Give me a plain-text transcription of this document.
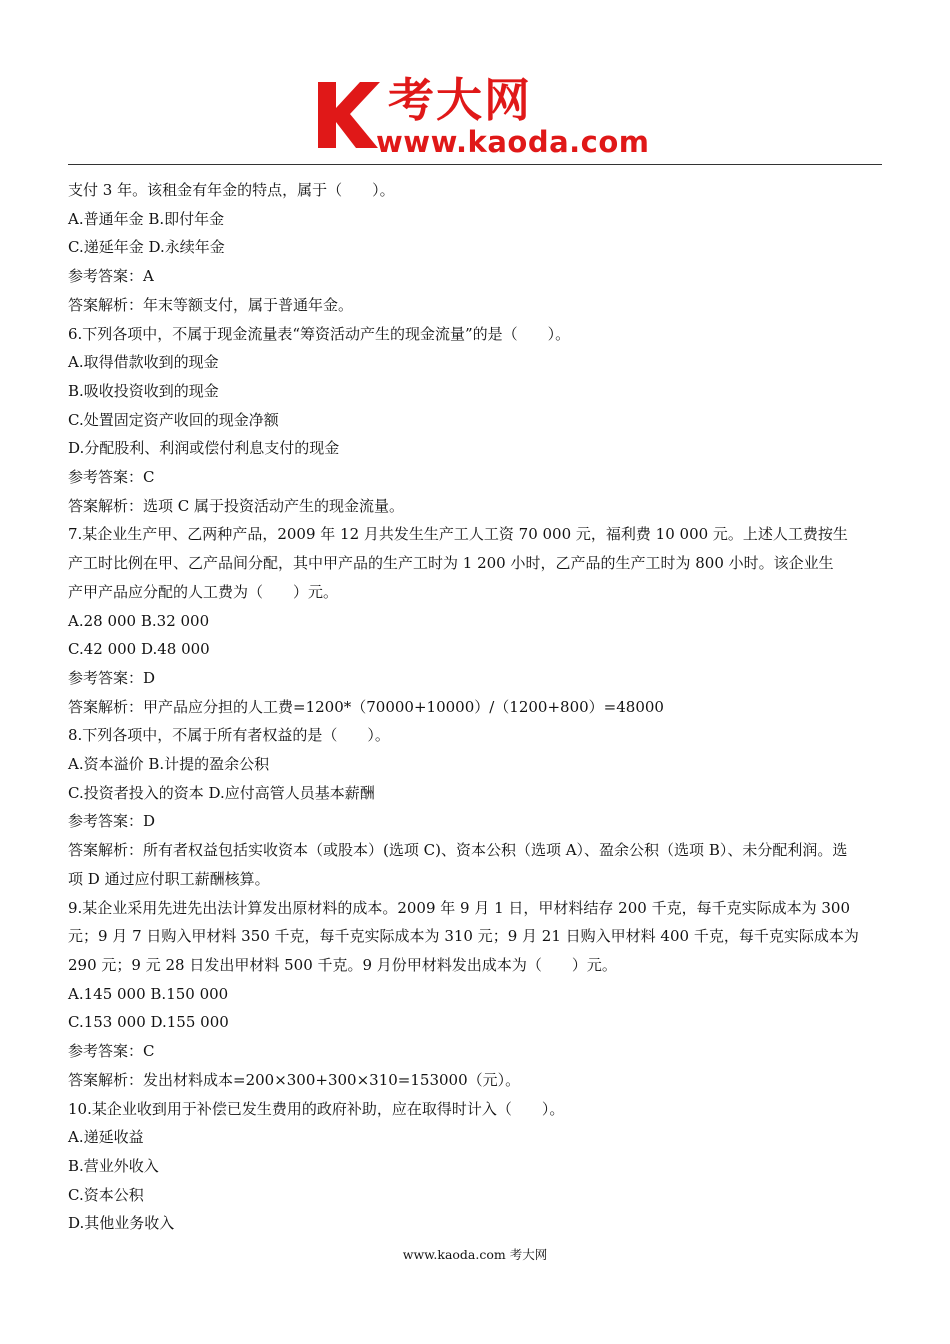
考大网
www.kaoda.com
支付 3 年。该租金有年金的特点，属于（　　）。
A.普通年金 B.即付年金
C.递延年金 D.永续年金
参考答案：A
答案解析：年末等额支付，属于普通年金。
6.下列各项中，不属于现金流量表“筹资活动产生的现金流量”的是（　　）。
A.取得借款收到的现金
B.吸收投资收到的现金
C.处置固定资产收回的现金净额
D.分配股利、利润或偿付利息支付的现金
参考答案：C
答案解析：选项 C 属于投资活动产生的现金流量。
7.某企业生产甲、乙两种产品，2009 年 12 月共发生生产工人工资 70 000 元，福利费 10 000 元。上述人工费按生
产工时比例在甲、乙产品间分配，其中甲产品的生产工时为 1 200 小时，乙产品的生产工时为 800 小时。该企业生
产甲产品应分配的人工费为（　　）元。
A.28 000 B.32 000
C.42 000 D.48 000
参考答案：D
答案解析：甲产品应分担的人工费=1200*（70000+10000）/（1200+800）=48000
8.下列各项中，不属于所有者权益的是（　　）。
A.资本溢价 B.计提的盈余公积
C.投资者投入的资本 D.应付高管人员基本薪酬
参考答案：D
答案解析：所有者权益包括实收资本（或股本）(选项 C)、资本公积（选项 A）、盈余公积（选项 B）、未分配利润。选
项 D 通过应付职工薪酬核算。
9.某企业采用先进先出法计算发出原材料的成本。2009 年 9 月 1 日，甲材料结存 200 千克，每千克实际成本为 300
元；9 月 7 日购入甲材料 350 千克，每千克实际成本为 310 元；9 月 21 日购入甲材料 400 千克，每千克实际成本为
290 元；9 元 28 日发出甲材料 500 千克。9 月份甲材料发出成本为（　　）元。
A.145 000 B.150 000
C.153 000 D.155 000
参考答案：C
答案解析：发出材料成本=200×300+300×310=153000（元）。
10.某企业收到用于补偿已发生费用的政府补助，应在取得时计入（　　）。
A.递延收益
B.营业外收入
C.资本公积
D.其他业务收入
www.kaoda.com 考大网
